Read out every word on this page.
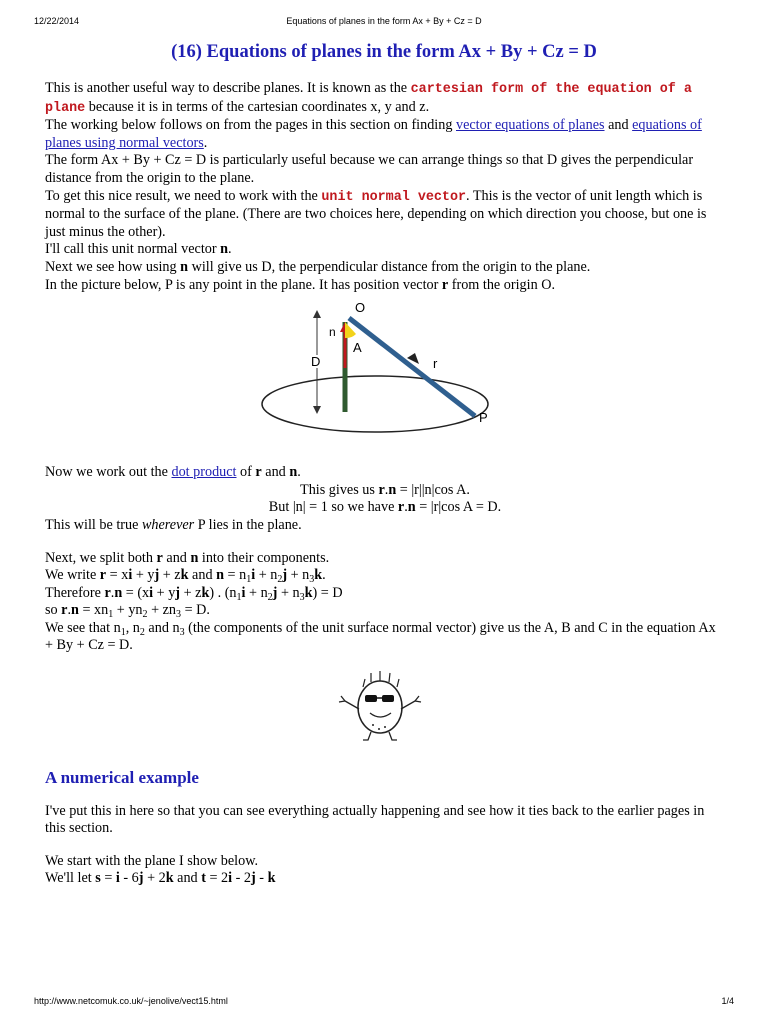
12/22/2014	Equations of planes in the form Ax + By + Cz = D
(16) Equations of planes in the form Ax + By + Cz = D

This is another useful way to describe planes. It is known as the cartesian form of the equation of a plane because it is in terms of the cartesian coordinates x, y and z.

The working below follows on from the pages in this section on finding vector equations of planes and equations of planes using normal vectors.

The form Ax + By + Cz = D is particularly useful because we can arrange things so that D gives the perpendicular distance from the origin to the plane.

To get this nice result, we need to work with the unit normal vector. This is the vector of unit length which is normal to the surface of the plane. (There are two choices here, depending on which direction you choose, but one is just minus the other).

I'll call this unit normal vector n.

Next we see how using n will give us D, the perpendicular distance from the origin to the plane.

In the picture below, P is any point in the plane. It has position vector r from the origin O.

O
n
A
D	r
P

Now we work out the dot product of r and n.

This gives us r.n = |r||n|cos A.

But |n| = 1 so we have r.n = |r|cos A = D.

This will be true wherever P lies in the plane.

Next, we split both r and n into their components.

We write r = xi + yj + zk and $n = n_1i + n_2j + n_3k$.

Therefore r.n = (xi + yj + zk) . $(n_1i + n_2j + n_3k) = D$

so $r.n = xn_1 + yn_2 + zn_3 = D$.

We see that $n_1$, $n_2$ and $n_3$ (the components of the unit surface normal vector) give us the A, B and C in the equation Ax + By + Cz = D.

A numerical example

I've put this in here so that you can see everything actually happening and see how it ties back to the earlier pages in this section.

We start with the plane I show below.

We'll let s = i - 6j + 2k and t = 2i - 2j - k

http://www.netcomuk.co.uk/~jenolive/vect15.html	1/4
